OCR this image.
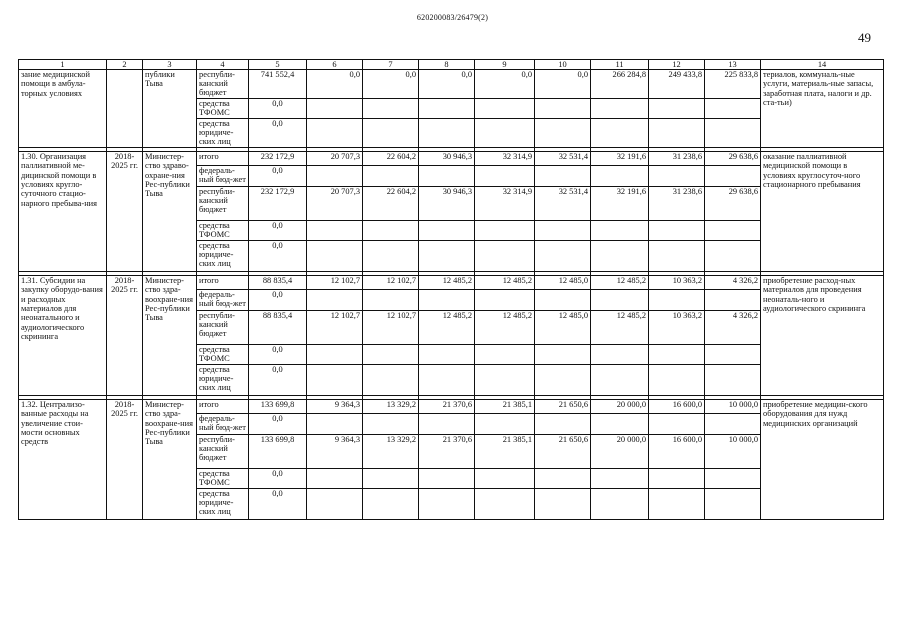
620200083/26479(2)
49
1	2	3	4	5	6	7	8	9	10	11	12	13	14
зание медицинской помощи в амбула-торных условиях		публики Тыва	республи-канский бюджет	741 552,4	0,0	0,0	0,0	0,0	0,0	266 284,8	249 433,8	225 833,8	териалов, коммуналь-ные услуги, материаль-ные запасы, заработная плата, налоги и др. ста-тьи)
			средства ТФОМС	0,0									
			средства юридиче-ских лиц	0,0									

1.30. Организация паллиативной ме-дицинской помощи в условиях кругло-суточного стацио-нарного пребыва-ния	2018-2025 гг.	Министер-ство здраво-охране-ния Рес-публики Тыва	итого	232 172,9	20 707,3	22 604,2	30 946,3	32 314,9	32 531,4	32 191,6	31 238,6	29 638,6	оказание паллиативной медицинской помощи в условиях круглосуточ-ного стационарного пребывания
			федераль-ный бюд-жет	0,0									
			республи-канский бюджет	232 172,9	20 707,3	22 604,2	30 946,3	32 314,9	32 531,4	32 191,6	31 238,6	29 638,6	
			средства ТФОМС	0,0									
			средства юридиче-ских лиц	0,0									

1.31. Субсидии на закупку оборудо-вания и расходных материалов для неонатального и аудиологического скрининга	2018-2025 гг.	Министер-ство здра-воохране-ния Рес-публики Тыва	итого	88 835,4	12 102,7	12 102,7	12 485,2	12 485,2	12 485,0	12 485,2	10 363,2	4 326,2	приобретение расход-ных материалов для проведения неонаталь-ного и аудиологического скрининга
			федераль-ный бюд-жет	0,0									
			республи-канский бюджет	88 835,4	12 102,7	12 102,7	12 485,2	12 485,2	12 485,0	12 485,2	10 363,2	4 326,2	
			средства ТФОМС	0,0									
			средства юридиче-ских лиц	0,0									

1.32. Централизо-ванные расходы на увеличение стои-мости основных средств	2018-2025 гг.	Министер-ство здра-воохране-ния Рес-публики Тыва	итого	133 699,8	9 364,3	13 329,2	21 370,6	21 385,1	21 650,6	20 000,0	16 600,0	10 000,0	приобретение медицин-ского оборудования для нужд медицинских организаций
			федераль-ный бюд-жет	0,0									
			республи-канский бюджет	133 699,8	9 364,3	13 329,2	21 370,6	21 385,1	21 650,6	20 000,0	16 600,0	10 000,0	
			средства ТФОМС	0,0									
			средства юридиче-ских лиц	0,0									
